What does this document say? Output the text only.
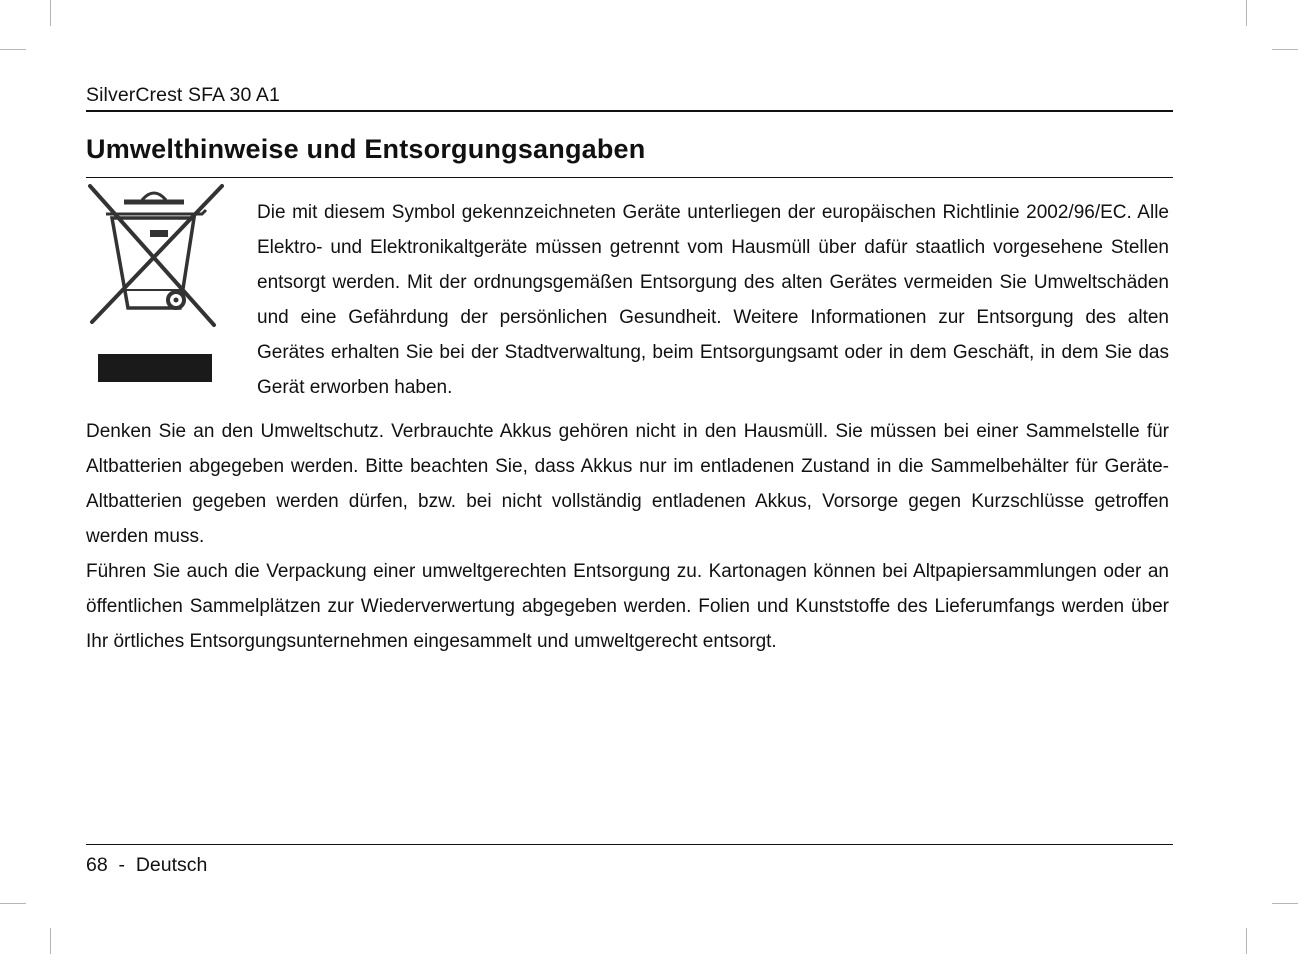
SilverCrest SFA 30 A1
Umwelthinweise und Entsorgungsangaben

Die mit diesem Symbol gekennzeichneten Geräte unterliegen der europäischen Richtlinie 2002/96/EC. Alle Elektro- und Elektronikaltgeräte müssen getrennt vom Hausmüll über dafür staatlich vorgesehene Stellen entsorgt werden. Mit der ordnungsgemäßen Entsorgung des alten Gerätes vermeiden Sie Umweltschäden und eine Gefährdung der persönlichen Gesundheit. Weitere Informationen zur Entsorgung des alten Gerätes erhalten Sie bei der Stadtverwaltung, beim Entsorgungsamt oder in dem Geschäft, in dem Sie das Gerät erworben haben.

Denken Sie an den Umweltschutz. Verbrauchte Akkus gehören nicht in den Hausmüll. Sie müssen bei einer Sammelstelle für Altbatterien abgegeben werden. Bitte beachten Sie, dass Akkus nur im entladenen Zustand in die Sammelbehälter für Geräte-Altbatterien gegeben werden dürfen, bzw. bei nicht vollständig entladenen Akkus, Vorsorge gegen Kurzschlüsse getroffen werden muss.

Führen Sie auch die Verpackung einer umweltgerechten Entsorgung zu. Kartonagen können bei Altpapiersammlungen oder an öffentlichen Sammelplätzen zur Wiederverwertung abgegeben werden. Folien und Kunststoffe des Lieferumfangs werden über Ihr örtliches Entsorgungsunternehmen eingesammelt und umweltgerecht entsorgt.

68  -  Deutsch
